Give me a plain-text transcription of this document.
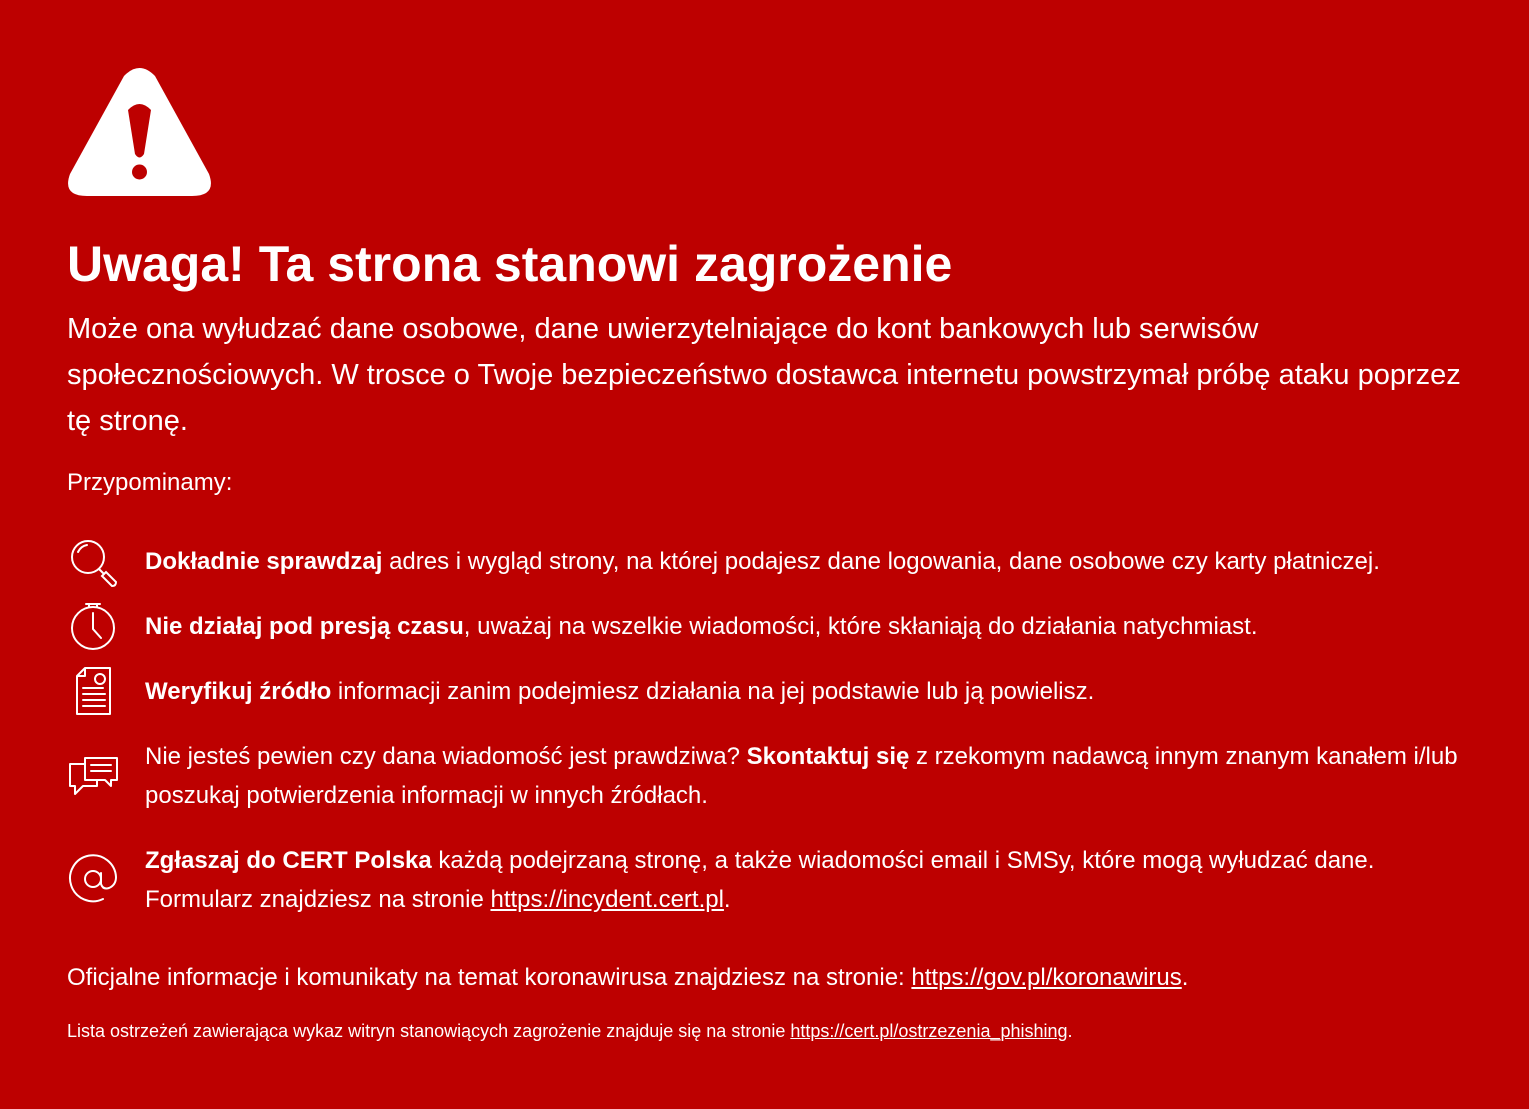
Uwaga! Ta strona stanowi zagrożenie

Może ona wyłudzać dane osobowe, dane uwierzytelniające do kont bankowych lub serwisów społecznościowych. W trosce o Twoje bezpieczeństwo dostawca internetu powstrzymał próbę ataku poprzez tę stronę.

Przypominamy:

Dokładnie sprawdzaj adres i wygląd strony, na której podajesz dane logowania, dane osobowe czy karty płatniczej.

Nie działaj pod presją czasu, uważaj na wszelkie wiadomości, które skłaniają do działania natychmiast.

Weryfikuj źródło informacji zanim podejmiesz działania na jej podstawie lub ją powielisz.

Nie jesteś pewien czy dana wiadomość jest prawdziwa? Skontaktuj się z rzekomym nadawcą innym znanym kanałem i/lub poszukaj potwierdzenia informacji w innych źródłach.

Zgłaszaj do CERT Polska każdą podejrzaną stronę, a także wiadomości email i SMSy, które mogą wyłudzać dane. Formularz znajdziesz na stronie https://incydent.cert.pl.

Oficjalne informacje i komunikaty na temat koronawirusa znajdziesz na stronie: https://gov.pl/koronawirus.

Lista ostrzeżeń zawierająca wykaz witryn stanowiących zagrożenie znajduje się na stronie https://cert.pl/ostrzezenia_phishing.
